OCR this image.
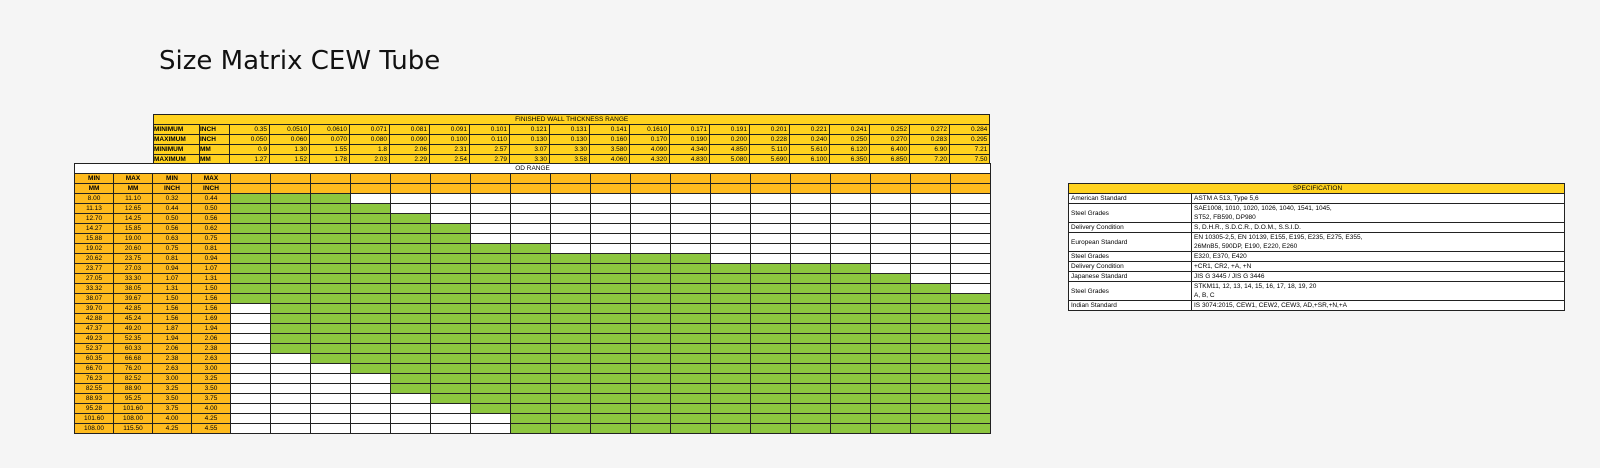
Size Matrix CEW Tube
FINISHED WALL THICKNESS RANGE																				
MINIMUM	INCH	0.35	0.0510	0.0610	0.071	0.081	0.091	0.101	0.121	0.131	0.141	0.1610	0.171	0.191	0.201	0.221	0.241	0.252	0.272	0.284
MAXIMUM	INCH	0.050	0.060	0.070	0.080	0.090	0.100	0.110	0.130	0.130	0.160	0.170	0.190	0.200	0.228	0.240	0.250	0.270	0.283	0.295
MINIMUM	MM	0.9	1.30	1.55	1.8	2.06	2.31	2.57	3.07	3.30	3.580	4.090	4.340	4.850	5.110	5.610	6.120	6.400	6.90	7.21
MAXIMUM	MM	1.27	1.52	1.78	2.03	2.29	2.54	2.79	3.30	3.58	4.060	4.320	4.830	5.080	5.690	6.100	6.350	6.850	7.20	7.50
OD RANGE																						
MIN	MAX	MIN	MAX																			
MM	MM	INCH	INCH																			
8.00	11.10	0.32	0.44																			
11.13	12.65	0.44	0.50																			
12.70	14.25	0.50	0.56																			
14.27	15.85	0.56	0.62																			
15.88	19.00	0.63	0.75																			
19.02	20.60	0.75	0.81																			
20.62	23.75	0.81	0.94																			
23.77	27.03	0.94	1.07																			
27.05	33.30	1.07	1.31																			
33.32	38.05	1.31	1.50																			
38.07	39.67	1.50	1.56																			
39.70	42.85	1.56	1.56																			
42.88	45.24	1.56	1.69																			
47.37	49.20	1.87	1.94																			
49.23	52.35	1.94	2.06																			
52.37	60.33	2.06	2.38																			
60.35	66.68	2.38	2.63																			
66.70	76.20	2.63	3.00																			
76.23	82.52	3.00	3.25																			
82.55	88.90	3.25	3.50																			
88.93	95.25	3.50	3.75																			
95.28	101.60	3.75	4.00																			
101.60	108.00	4.00	4.25																			
108.00	115.50	4.25	4.55																			
SPECIFICATION	
American Standard	ASTM A 513, Type 5,6
Steel Grades	SAE1008, 1010, 1020, 1026, 1040, 1541, 1045,
ST52, FB590, DP980
Delivery Condition	S, D.H.R., S.D.C.R., D.O.M., S.S.I.D.
European Standard	EN 10305-2,5, EN 10139, E155, E195, E235, E275, E355,
26MnB5, 590DP, E190, E220, E260
Steel Grades	E320, E370, E420
Delivery Condition	+CR1, CR2, +A, +N
Japanese Standard	JIS G 3445 / JIS G 3446
Steel Grades	STKM11, 12, 13, 14, 15, 16, 17, 18, 19, 20
A, B, C
Indian Standard	IS 3074:2015, CEW1, CEW2, CEW3, AD,+SR,+N,+A
